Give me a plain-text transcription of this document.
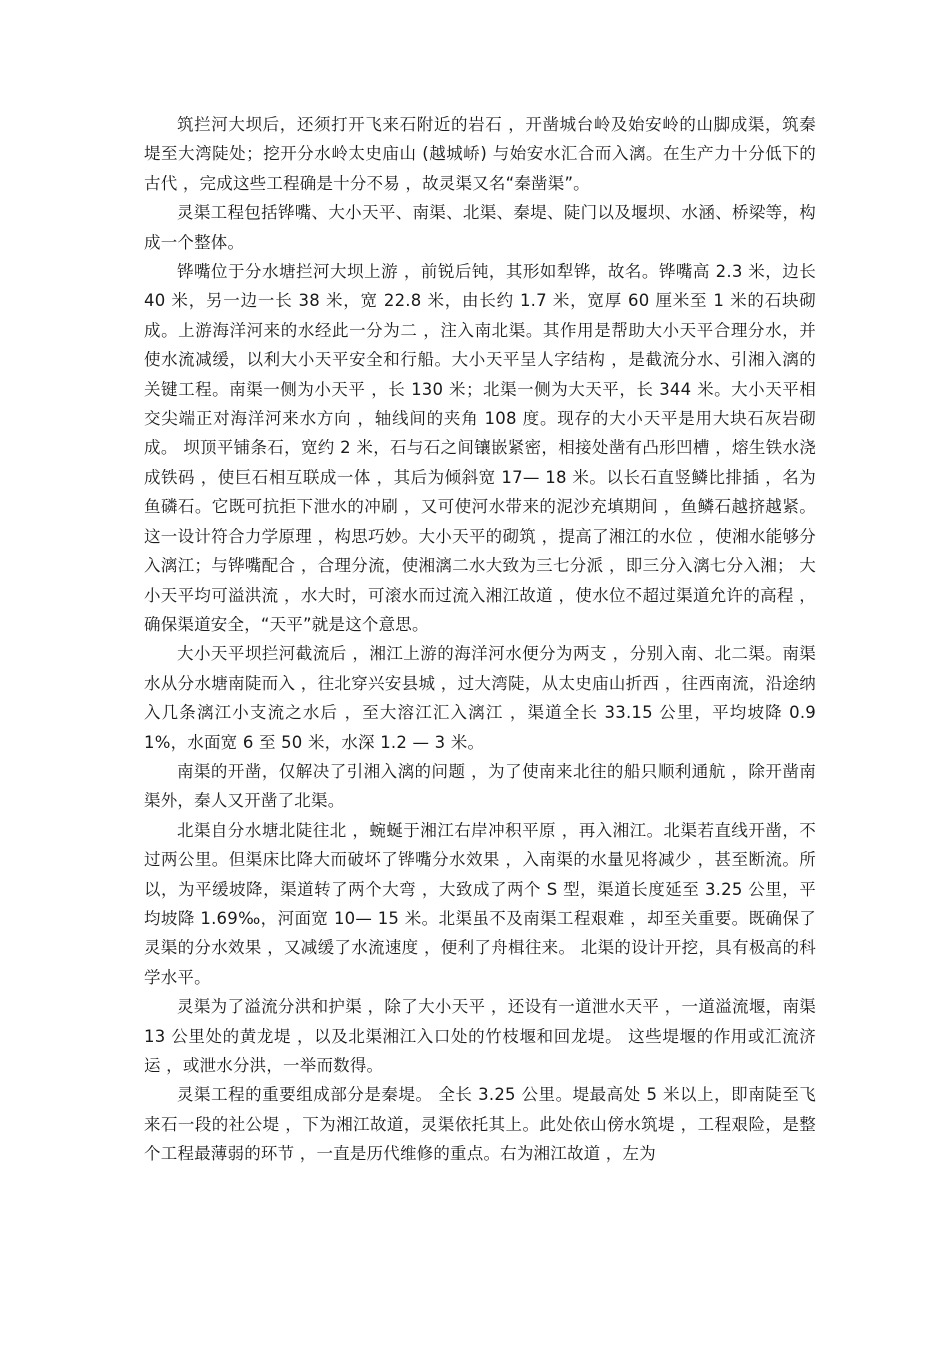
筑拦河大坝后，还须打开飞来石附近的岩石 ，开凿城台岭及始安岭的山脚成渠，筑秦堤至大湾陡处；挖开分水岭太史庙山 (越城峤) 与始安水汇合而入漓。在生产力十分低下的古代 ，完成这些工程确是十分不易 ，故灵渠又名“秦凿渠”。

灵渠工程包括铧嘴、大小天平、南渠、北渠、秦堤、陡门以及堰坝、水涵、桥梁等，构成一个整体。

铧嘴位于分水塘拦河大坝上游 ，前锐后钝，其形如犁铧，故名。铧嘴高 2.3 米，边长 40 米，另一边一长 38 米，宽 22.8 米，由长约 1.7 米，宽厚 60 厘米至 1 米的石块砌成。上游海洋河来的水经此一分为二 ，注入南北渠。其作用是帮助大小天平合理分水，并使水流减缓，以利大小天平安全和行船。大小天平呈人字结构 ，是截流分水、引湘入漓的关键工程。南渠一侧为小天平 ，长 130 米；北渠一侧为大天平，长 344 米。大小天平相交尖端正对海洋河来水方向 ，轴线间的夹角 108 度。现存的大小天平是用大块石灰岩砌成。 坝顶平铺条石，宽约 2 米，石与石之间镶嵌紧密，相接处凿有凸形凹槽 ，熔生铁水浇成铁码 ，使巨石相互联成一体 ，其后为倾斜宽 17— 18 米。以长石直竖鳞比排插 ，名为鱼磷石。它既可抗拒下泄水的冲刷 ，又可使河水带来的泥沙充填期间 ，鱼鳞石越挤越紧。这一设计符合力学原理 ，构思巧妙。大小天平的砌筑 ，提高了湘江的水位 ，使湘水能够分入漓江；与铧嘴配合 ，合理分流，使湘漓二水大致为三七分派 ，即三分入漓七分入湘； 大小天平均可溢洪流 ，水大时，可滚水而过流入湘江故道 ，使水位不超过渠道允许的高程 ，确保渠道安全，“天平”就是这个意思。

大小天平坝拦河截流后 ，湘江上游的海洋河水便分为两支 ，分别入南、北二渠。南渠水从分水塘南陡而入 ，往北穿兴安县城 ，过大湾陡，从太史庙山折西 ，往西南流，沿途纳入几条漓江小支流之水后 ，至大溶江汇入漓江 ，渠道全长 33.15 公里，平均坡降 0.91%，水面宽 6 至 50 米，水深 1.2 — 3 米。

南渠的开凿，仅解决了引湘入漓的问题 ，为了使南来北往的船只顺利通航 ，除开凿南渠外，秦人又开凿了北渠。

北渠自分水塘北陡往北 ，蜿蜒于湘江右岸冲积平原 ，再入湘江。北渠若直线开凿，不过两公里。但渠床比降大而破坏了铧嘴分水效果 ，入南渠的水量见将减少 ，甚至断流。所以，为平缓坡降，渠道转了两个大弯 ，大致成了两个 S 型，渠道长度延至 3.25 公里，平均坡降 1.69‰，河面宽 10— 15 米。北渠虽不及南渠工程艰难 ，却至关重要。既确保了灵渠的分水效果 ，又减缓了水流速度 ，便利了舟楫往来。 北渠的设计开挖，具有极高的科学水平。

灵渠为了溢流分洪和护渠 ，除了大小天平 ，还设有一道泄水天平 ，一道溢流堰，南渠 13 公里处的黄龙堤 ，以及北渠湘江入口处的竹枝堰和回龙堤。 这些堤堰的作用或汇流济运 ，或泄水分洪，一举而数得。

灵渠工程的重要组成部分是秦堤。 全长 3.25 公里。堤最高处 5 米以上，即南陡至飞来石一段的社公堤 ，下为湘江故道，灵渠依托其上。此处依山傍水筑堤 ，工程艰险，是整个工程最薄弱的环节 ，一直是历代维修的重点。右为湘江故道 ，左为
